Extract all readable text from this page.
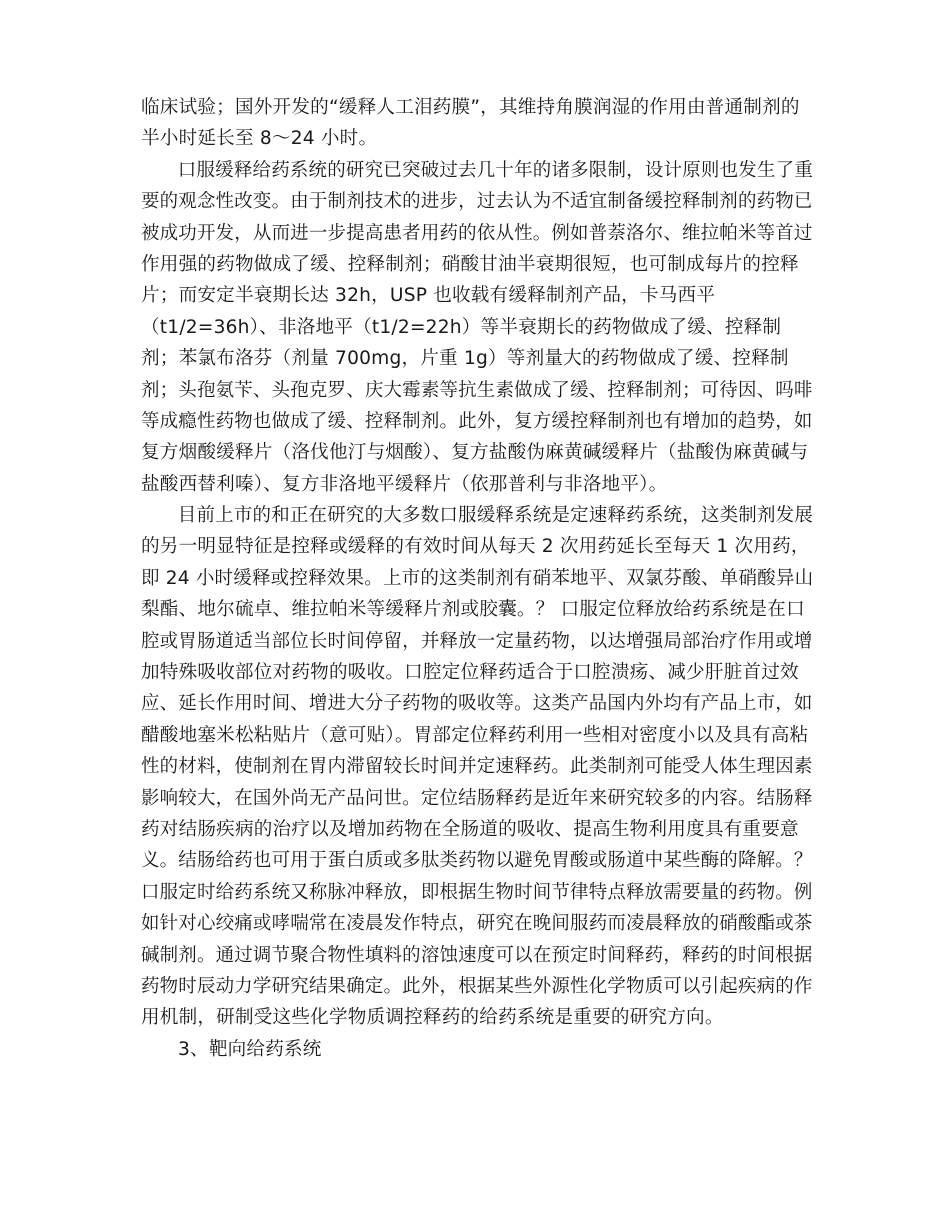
临床试验；国外开发的“缓释人工泪药膜”，其维持角膜润湿的作用由普通制剂的
半小时延长至 8～24 小时。
口服缓释给药系统的研究已突破过去几十年的诸多限制，设计原则也发生了重
要的观念性改变。由于制剂技术的进步，过去认为不适宜制备缓控释制剂的药物已
被成功开发，从而进一步提高患者用药的依从性。例如普萘洛尔、维拉帕米等首过
作用强的药物做成了缓、控释制剂；硝酸甘油半衰期很短，也可制成每片的控释
片；而安定半衰期长达 32h，USP 也收载有缓释制剂产品，卡马西平
（t1/2=36h）、非洛地平（t1/2=22h）等半衰期长的药物做成了缓、控释制
剂；苯氯布洛芬（剂量 700mg，片重 1g）等剂量大的药物做成了缓、控释制
剂；头孢氨苄、头孢克罗、庆大霉素等抗生素做成了缓、控释制剂；可待因、吗啡
等成瘾性药物也做成了缓、控释制剂。此外，复方缓控释制剂也有增加的趋势，如
复方烟酸缓释片（洛伐他汀与烟酸）、复方盐酸伪麻黄碱缓释片（盐酸伪麻黄碱与
盐酸西替利嗪）、复方非洛地平缓释片（依那普利与非洛地平）。
目前上市的和正在研究的大多数口服缓释系统是定速释药系统，这类制剂发展
的另一明显特征是控释或缓释的有效时间从每天 2 次用药延长至每天 1 次用药，
即 24 小时缓释或控释效果。上市的这类制剂有硝苯地平、双氯芬酸、单硝酸异山
梨酯、地尔硫卓、维拉帕米等缓释片剂或胶囊。？ 口服定位释放给药系统是在口
腔或胃肠道适当部位长时间停留，并释放一定量药物，以达增强局部治疗作用或增
加特殊吸收部位对药物的吸收。口腔定位释药适合于口腔溃疡、减少肝脏首过效
应、延长作用时间、增进大分子药物的吸收等。这类产品国内外均有产品上市，如
醋酸地塞米松粘贴片（意可贴）。胃部定位释药利用一些相对密度小以及具有高粘
性的材料，使制剂在胃内滞留较长时间并定速释药。此类制剂可能受人体生理因素
影响较大，在国外尚无产品问世。定位结肠释药是近年来研究较多的内容。结肠释
药对结肠疾病的治疗以及增加药物在全肠道的吸收、提高生物利用度具有重要意
义。结肠给药也可用于蛋白质或多肽类药物以避免胃酸或肠道中某些酶的降解。？
口服定时给药系统又称脉冲释放，即根据生物时间节律特点释放需要量的药物。例
如针对心绞痛或哮喘常在凌晨发作特点，研究在晚间服药而凌晨释放的硝酸酯或茶
碱制剂。通过调节聚合物性填料的溶蚀速度可以在预定时间释药，释药的时间根据
药物时辰动力学研究结果确定。此外，根据某些外源性化学物质可以引起疾病的作
用机制，研制受这些化学物质调控释药的给药系统是重要的研究方向。
3、靶向给药系统
